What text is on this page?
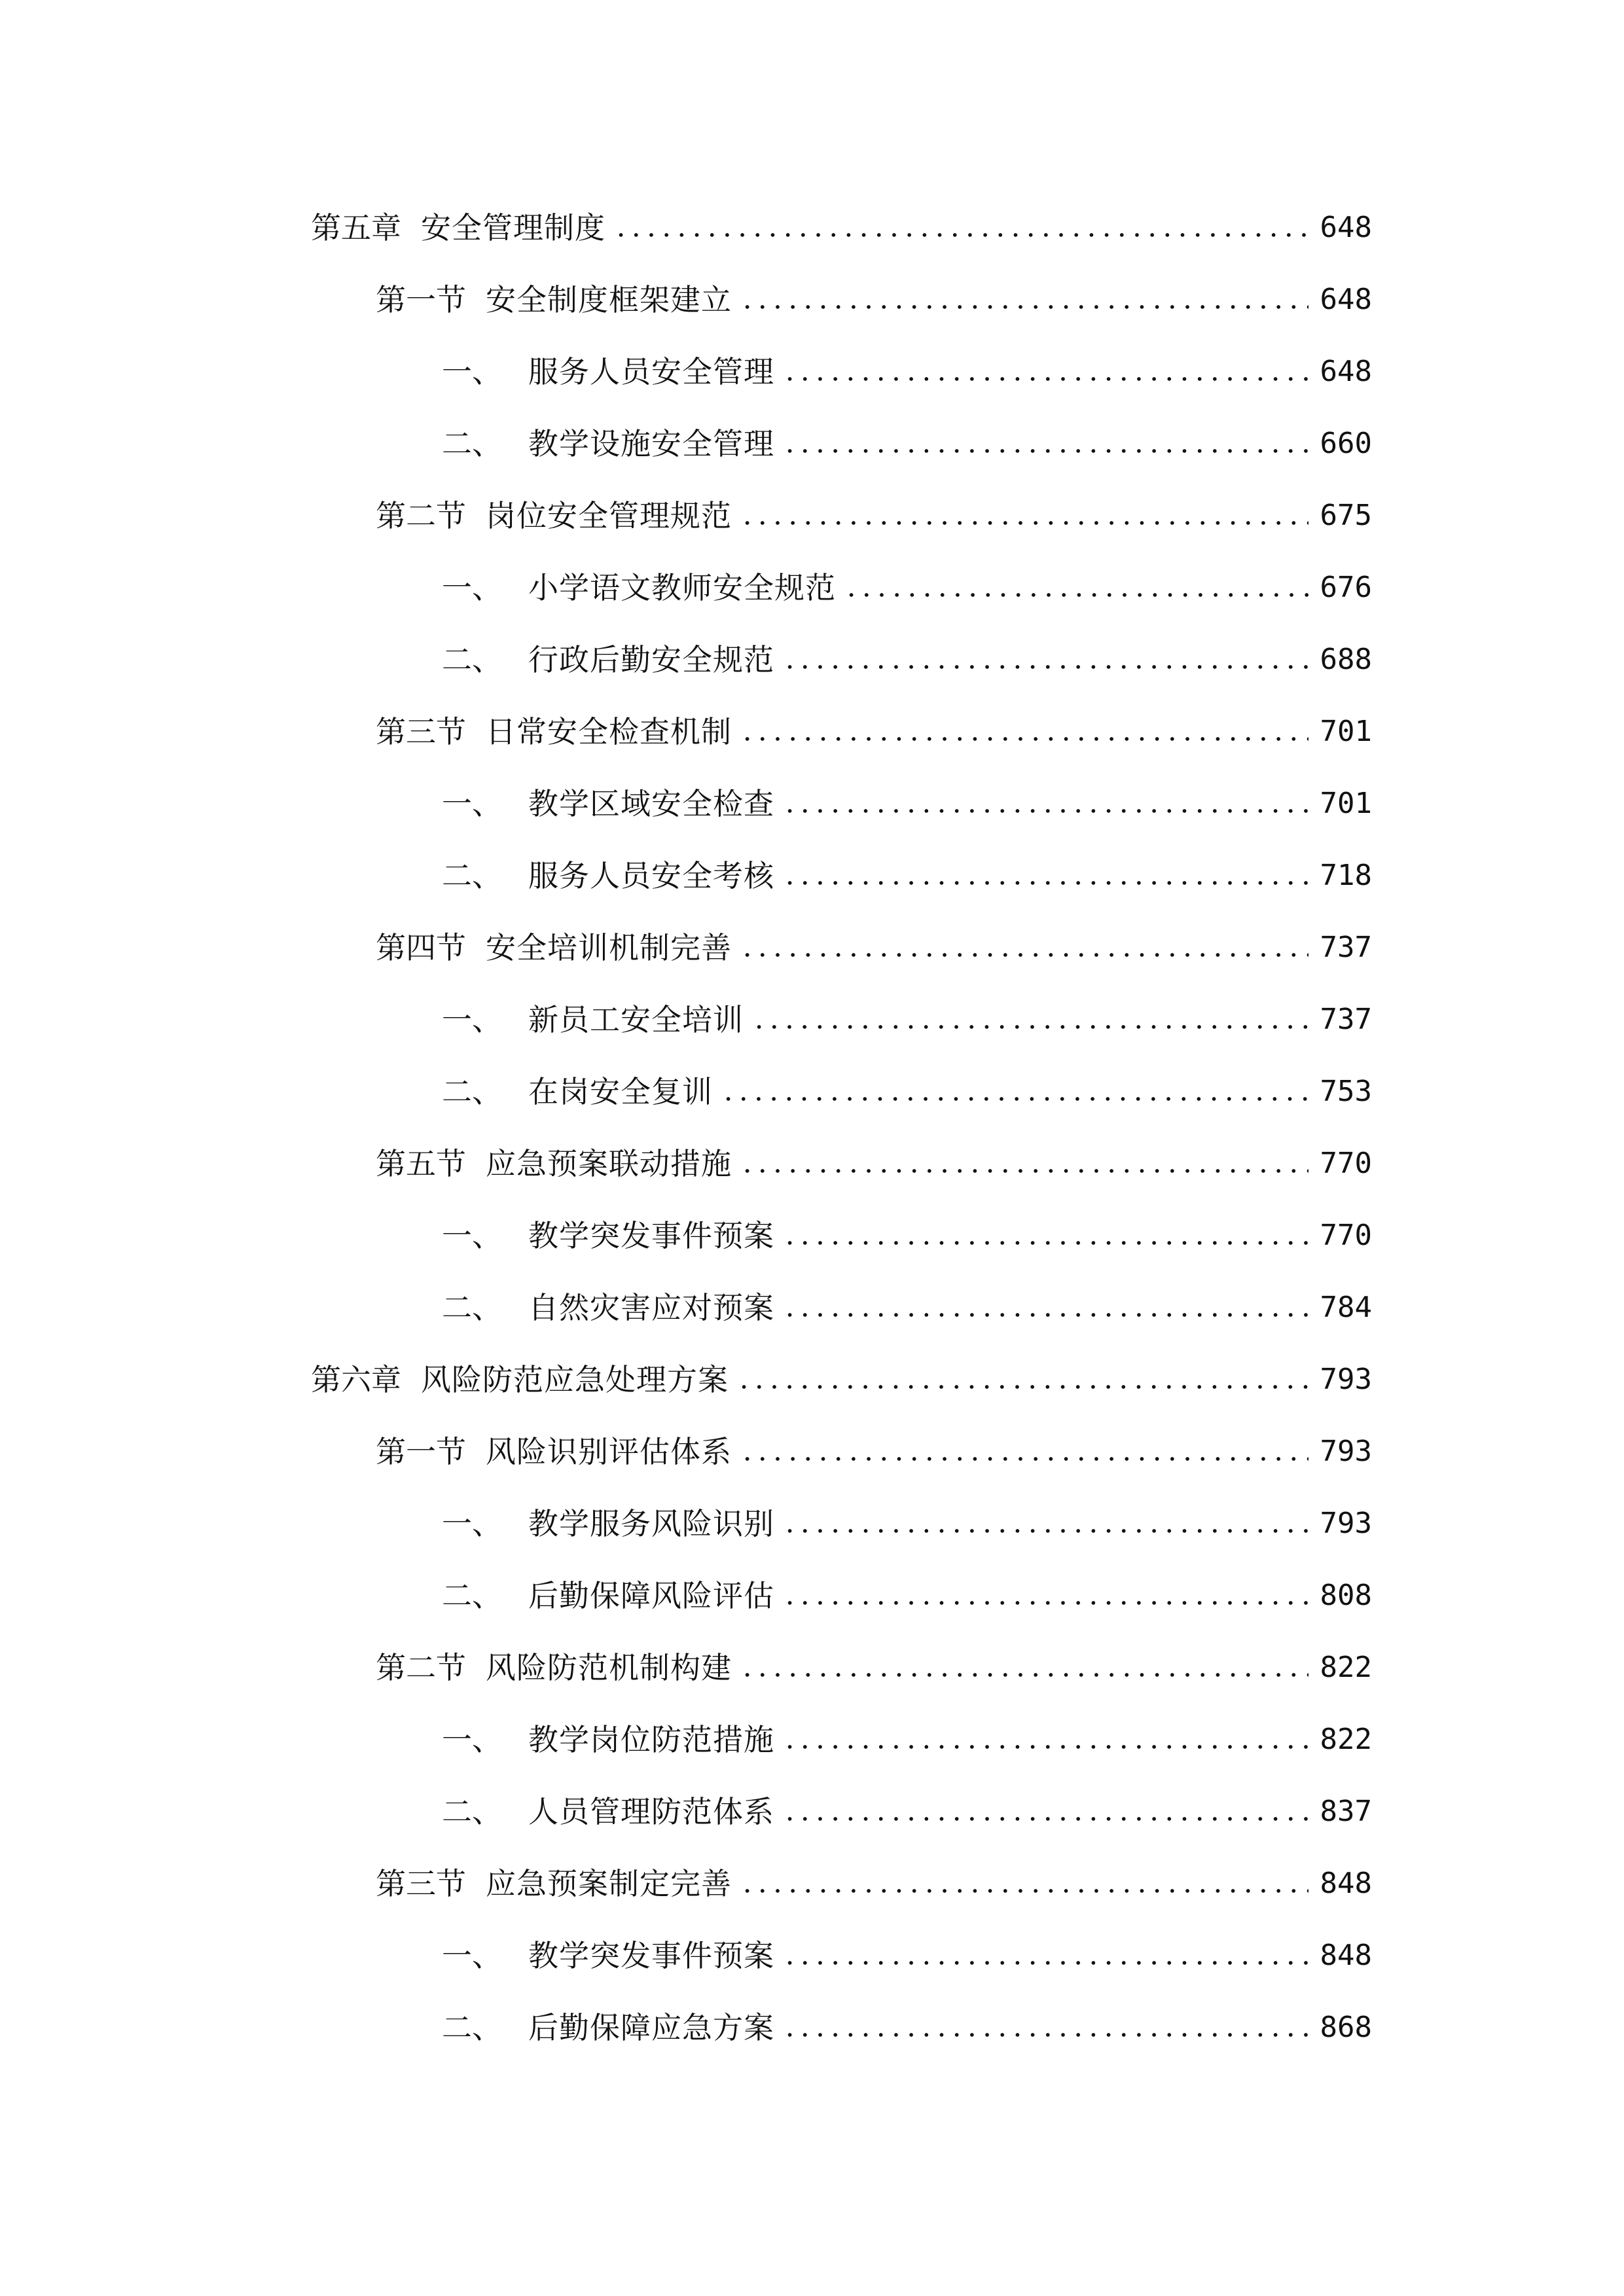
第五章 安全管理制度	648
第一节 安全制度框架建立	648
一、 服务人员安全管理	648
二、 教学设施安全管理	660
第二节 岗位安全管理规范	675
一、 小学语文教师安全规范	676
二、 行政后勤安全规范	688
第三节 日常安全检查机制	701
一、 教学区域安全检查	701
二、 服务人员安全考核	718
第四节 安全培训机制完善	737
一、 新员工安全培训	737
二、 在岗安全复训	753
第五节 应急预案联动措施	770
一、 教学突发事件预案	770
二、 自然灾害应对预案	784
第六章 风险防范应急处理方案	793
第一节 风险识别评估体系	793
一、 教学服务风险识别	793
二、 后勤保障风险评估	808
第二节 风险防范机制构建	822
一、 教学岗位防范措施	822
二、 人员管理防范体系	837
第三节 应急预案制定完善	848
一、 教学突发事件预案	848
二、 后勤保障应急方案	868
